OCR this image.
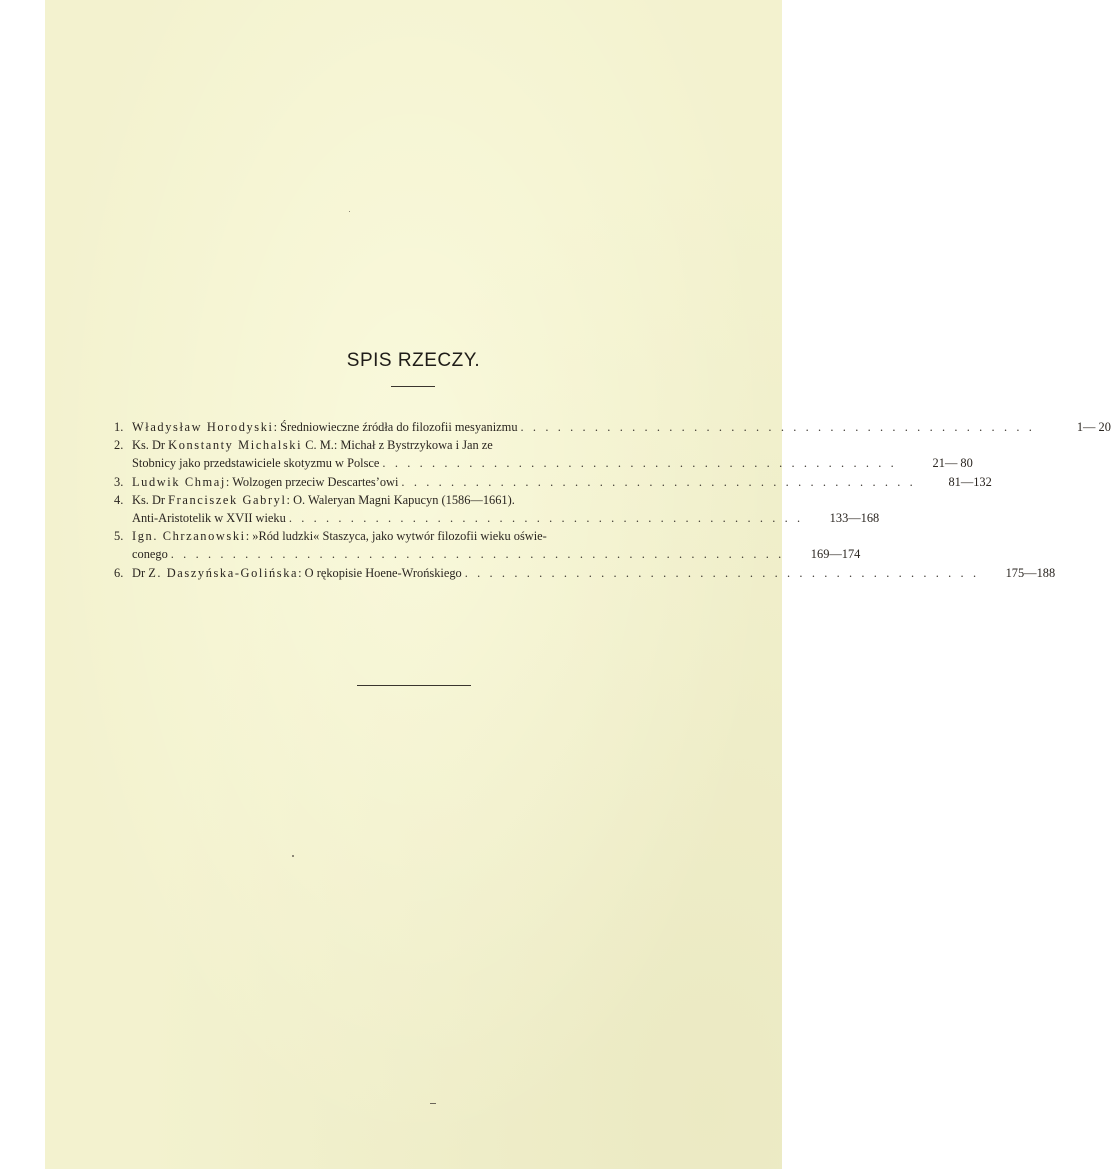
SPIS RZECZY.
1. Władysław Horodyski: Średniowieczne źródła do filozofii mesyanizmu . . . . . . . . . . . . . . . . . . . . . . . . . . . . . . . . . . . . . . . . . .	1— 20
2. Ks. Dr Konstanty Michalski C. M.: Michał z Bystrzykowa i Jan ze
Stobnicy jako przedstawiciele skotyzmu w Polsce . . . . . . . . . . . . . . . . . . . . . . . . . . . . . . . . . . . . . . . . . .	21— 80
3. Ludwik Chmaj: Wolzogen przeciw Descartes’owi . . . . . . . . . . . . . . . . . . . . . . . . . . . . . . . . . . . . . . . . . .	81—132
4. Ks. Dr Franciszek Gabryl: O. Waleryan Magni Kapucyn (1586—1661).
Anti-Aristotelik w XVII wieku . . . . . . . . . . . . . . . . . . . . . . . . . . . . . . . . . . . . . . . . . .	133—168
5. Ign. Chrzanowski: »Ród ludzki« Staszyca, jako wytwór filozofii wieku oświe-
conego . . . . . . . . . . . . . . . . . . . . . . . . . . . . . . . . . . . . . . . . . . . . . . . . . .	169—174
6. Dr Z. Daszyńska-Golińska: O rękopisie Hoene-Wrońskiego . . . . . . . . . . . . . . . . . . . . . . . . . . . . . . . . . . . . . . . . . .	175—188
